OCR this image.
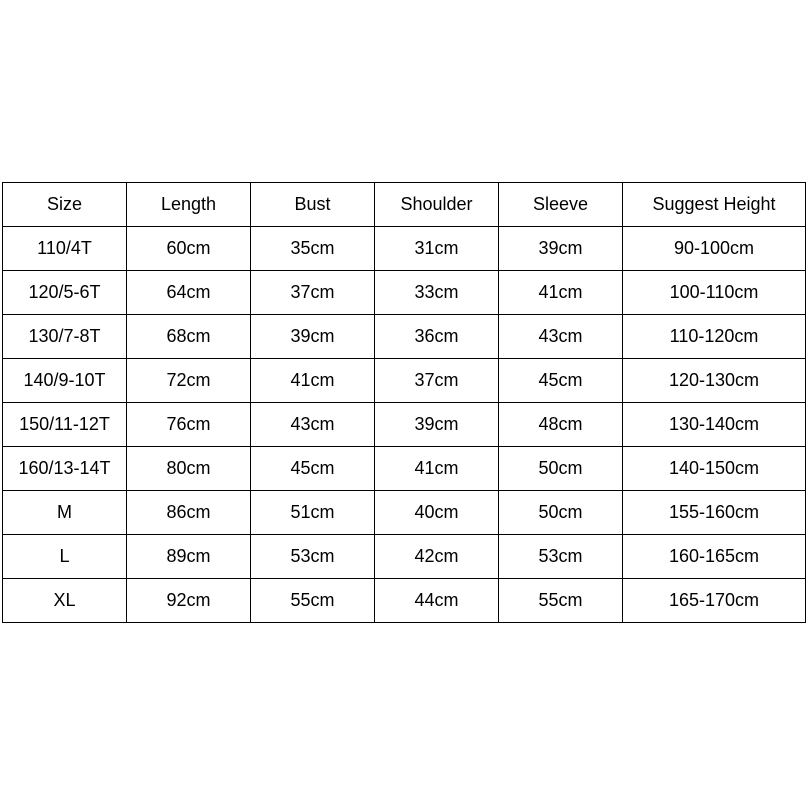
Size	Length	Bust	Shoulder	Sleeve	Suggest Height
110/4T	60cm	35cm	31cm	39cm	90-100cm
120/5-6T	64cm	37cm	33cm	41cm	100-110cm
130/7-8T	68cm	39cm	36cm	43cm	110-120cm
140/9-10T	72cm	41cm	37cm	45cm	120-130cm
150/11-12T	76cm	43cm	39cm	48cm	130-140cm
160/13-14T	80cm	45cm	41cm	50cm	140-150cm
M	86cm	51cm	40cm	50cm	155-160cm
L	89cm	53cm	42cm	53cm	160-165cm
XL	92cm	55cm	44cm	55cm	165-170cm
